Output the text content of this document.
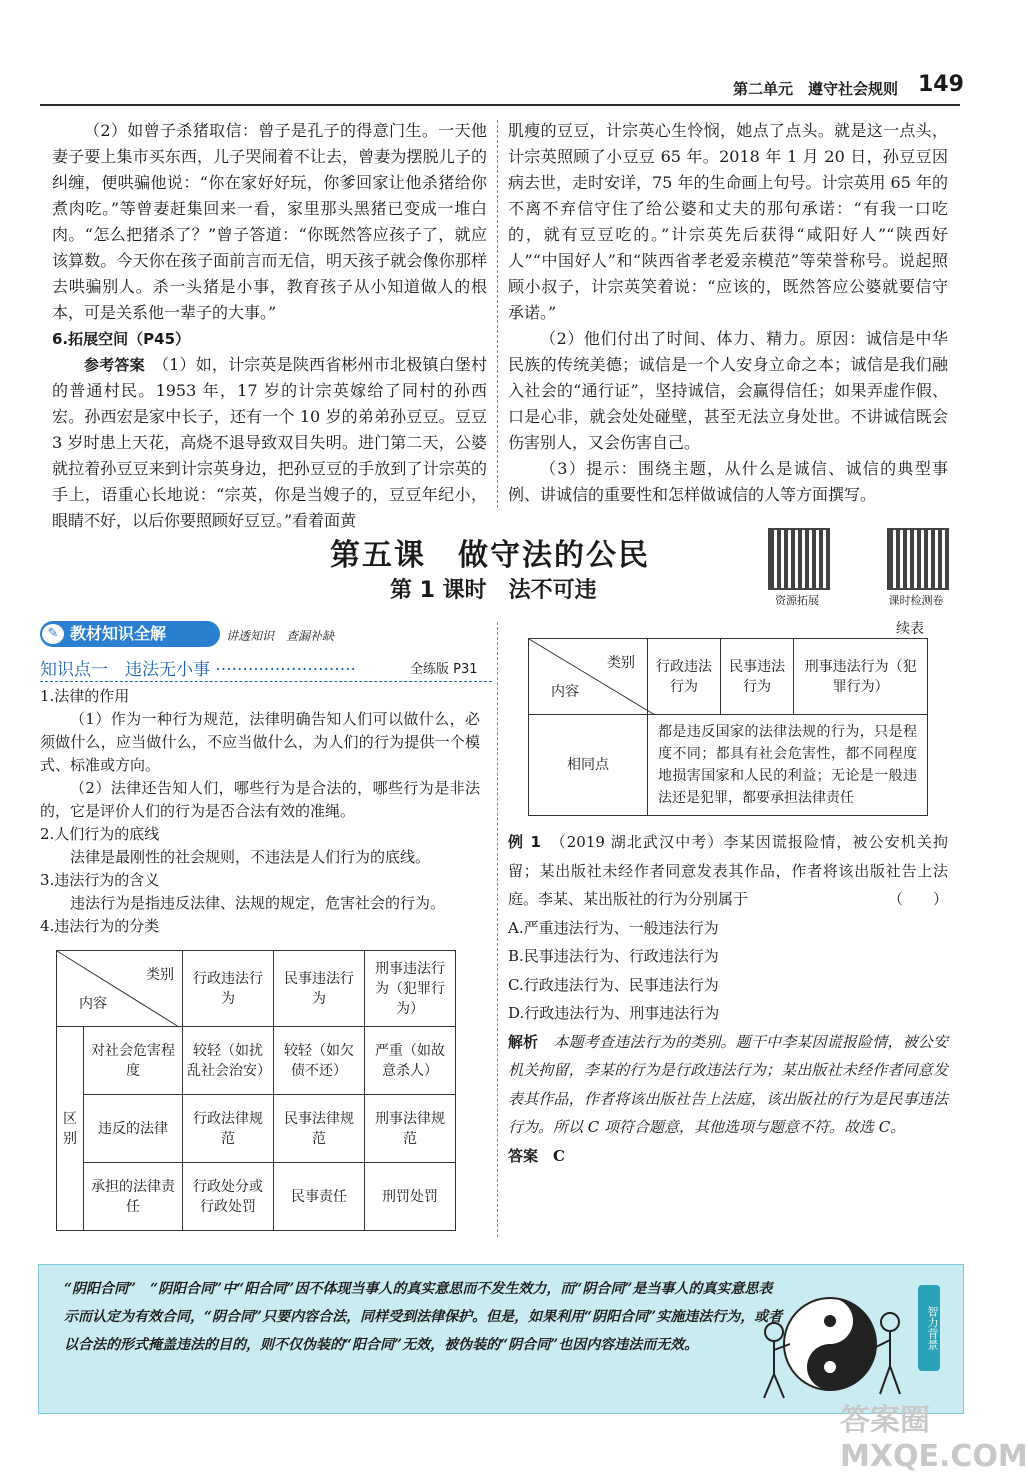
第二单元　遵守社会规则 149

（2）如曾子杀猪取信：曾子是孔子的得意门生。一天他妻子要上集市买东西，儿子哭闹着不让去，曾妻为摆脱儿子的纠缠，便哄骗他说：“你在家好好玩，你爹回家让他杀猪给你煮肉吃。”等曾妻赶集回来一看，家里那头黑猪已变成一堆白肉。“怎么把猪杀了？”曾子答道：“你既然答应孩子了，就应该算数。今天你在孩子面前言而无信，明天孩子就会像你那样去哄骗别人。杀一头猪是小事，教育孩子从小知道做人的根本，可是关系他一辈子的大事。”

6.拓展空间（P45）

参考答案　 （1）如，计宗英是陕西省彬州市北极镇白堡村的普通村民。1953 年，17 岁的计宗英嫁给了同村的孙西宏。孙西宏是家中长子，还有一个 10 岁的弟弟孙豆豆。豆豆 3 岁时患上天花，高烧不退导致双目失明。进门第二天，公婆就拉着孙豆豆来到计宗英身边，把孙豆豆的手放到了计宗英的手上，语重心长地说：“宗英，你是当嫂子的，豆豆年纪小，眼睛不好，以后你要照顾好豆豆。”看着面黄

肌瘦的豆豆，计宗英心生怜悯，她点了点头。就是这一点头，计宗英照顾了小豆豆 65 年。2018 年 1 月 20 日，孙豆豆因病去世，走时安详，75 年的生命画上句号。计宗英用 65 年的不离不弃信守住了给公婆和丈夫的那句承诺：“有我一口吃的，就有豆豆吃的。”计宗英先后获得“咸阳好人”“陕西好人”“中国好人”和“陕西省孝老爱亲模范”等荣誉称号。说起照顾小叔子，计宗英笑着说：“应该的，既然答应公婆就要信守承诺。”

（2）他们付出了时间、体力、精力。原因：诚信是中华民族的传统美德；诚信是一个人安身立命之本；诚信是我们融入社会的“通行证”，坚持诚信，会赢得信任；如果弄虚作假、口是心非，就会处处碰壁，甚至无法立身处世。不讲诚信既会伤害别人，又会伤害自己。

（3）提示：围绕主题，从什么是诚信、诚信的典型事例、讲诚信的重要性和怎样做诚信的人等方面撰写。

第五课　做守法的公民
第 1 课时　法不可违	资源拓展	课时检测卷
教材知识全解
✎	讲透知识　查漏补缺
知识点一　违法无小事 ··························	全练版 P31

1.法律的作用

（1）作为一种行为规范，法律明确告知人们可以做什么，必须做什么，应当做什么，不应当做什么，为人们的行为提供一个模式、标准或方向。

（2）法律还告知人们，哪些行为是合法的，哪些行为是非法的，它是评价人们的行为是否合法有效的准绳。

2.人们行为的底线

法律是最刚性的社会规则，不违法是人们行为的底线。

3.违法行为的含义

违法行为是指违反法律、法规的规定，危害社会的行为。

4.违法行为的分类

类别
内容		行政违法行为	民事违法行为	刑事违法行为（犯罪行为）
区别	对社会危害程度	较轻（如扰乱社会治安）	较轻（如欠债不还）	严重（如故意杀人）
	违反的法律	行政法律规范	民事法律规范	刑事法律规范
	承担的法律责任	行政处分或行政处罚	民事责任	刑罚处罚
续表
类别
内容	行政违法行为	民事违法行为	刑事违法行为（犯罪行为）
相同点	都是违反国家的法律法规的行为，只是程度不同；都具有社会危害性，都不同程度地损害国家和人民的利益；无论是一般违法还是犯罪，都要承担法律责任		

例 1　 （2019 湖北武汉中考）李某因谎报险情，被公安机关拘留；某出版社未经作者同意发表其作品，作者将该出版社告上法庭。李某、某出版社的行为分别属于	（　　）

A.严重违法行为、一般违法行为

B.民事违法行为、行政违法行为

C.行政违法行为、民事违法行为

D.行政违法行为、刑事违法行为

解析　 本题考查违法行为的类别。题干中李某因谎报险情，被公安机关拘留，李某的行为是行政违法行为；某出版社未经作者同意发表其作品，作者将该出版社告上法庭，该出版社的行为是民事违法行为。所以 C 项符合题意，其他选项与题意不符。故选 C。

答案　 C

“阴阳合同”　“阴阳合同”中“阳合同”因不体现当事人的真实意思而不发生效力，而“阴合同”是当事人的真实意思表示而认定为有效合同，“阴合同”只要内容合法，同样受到法律保护。但是，如果利用“阴阳合同”实施违法行为，或者以合法的形式掩盖违法的目的，则不仅伪装的“阳合同”无效，被伪装的“阴合同”也因内容违法而无效。	智力背景
答案圈 MXQE.COM
